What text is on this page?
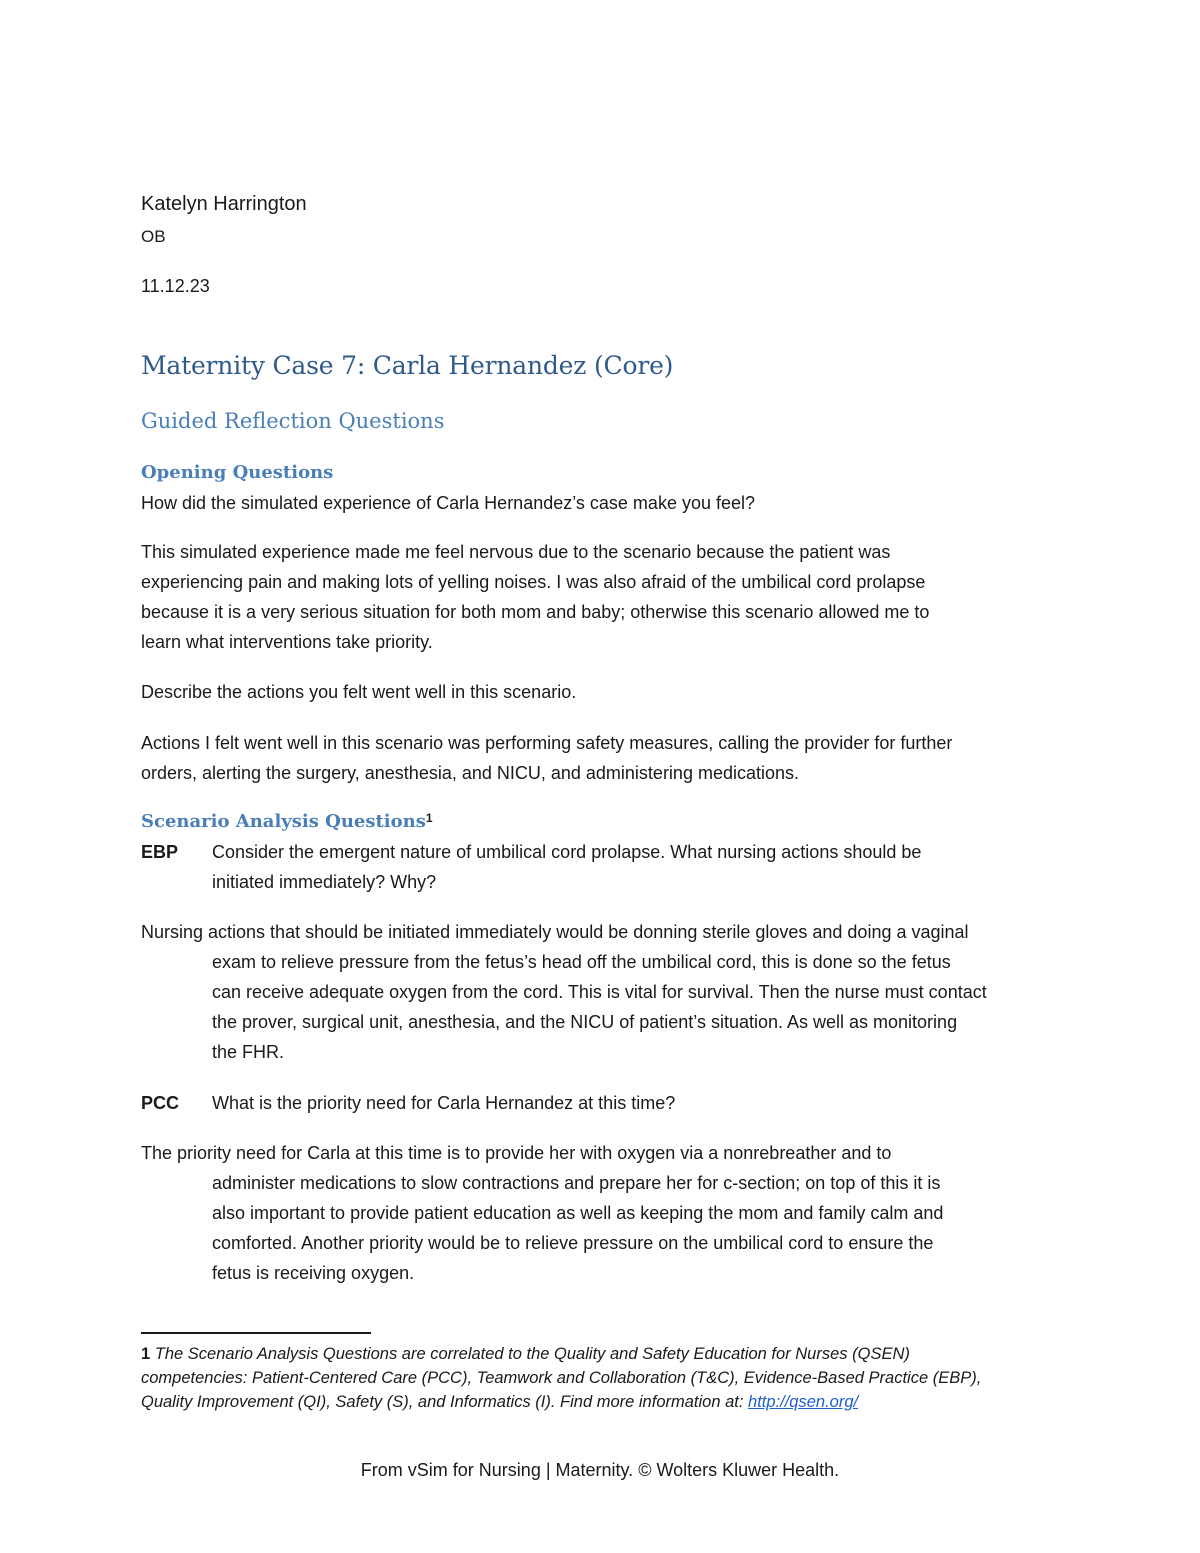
Katelyn Harrington
OB
11.12.23
Maternity Case 7: Carla Hernandez (Core)
Guided Reflection Questions
Opening Questions
How did the simulated experience of Carla Hernandez’s case make you feel?
This simulated experience made me feel nervous due to the scenario because the patient was
experiencing pain and making lots of yelling noises. I was also afraid of the umbilical cord prolapse
because it is a very serious situation for both mom and baby; otherwise this scenario allowed me to
learn what interventions take priority.
Describe the actions you felt went well in this scenario.
Actions I felt went well in this scenario was performing safety measures, calling the provider for further
orders, alerting the surgery, anesthesia, and NICU, and administering medications.
Scenario Analysis Questions$^1$
EBP Consider the emergent nature of umbilical cord prolapse. What nursing actions should be
initiated immediately? Why?
Nursing actions that should be initiated immediately would be donning sterile gloves and doing a vaginal
exam to relieve pressure from the fetus’s head off the umbilical cord, this is done so the fetus
can receive adequate oxygen from the cord. This is vital for survival. Then the nurse must contact
the prover, surgical unit, anesthesia, and the NICU of patient’s situation. As well as monitoring
the FHR.
PCC What is the priority need for Carla Hernandez at this time?
The priority need for Carla at this time is to provide her with oxygen via a nonrebreather and to
administer medications to slow contractions and prepare her for c-section; on top of this it is
also important to provide patient education as well as keeping the mom and family calm and
comforted. Another priority would be to relieve pressure on the umbilical cord to ensure the
fetus is receiving oxygen.
1 The Scenario Analysis Questions are correlated to the Quality and Safety Education for Nurses (QSEN)
competencies: Patient-Centered Care (PCC), Teamwork and Collaboration (T&C), Evidence-Based Practice (EBP),
Quality Improvement (QI), Safety (S), and Informatics (I). Find more information at: http://qsen.org/
From vSim for Nursing | Maternity. © Wolters Kluwer Health.
